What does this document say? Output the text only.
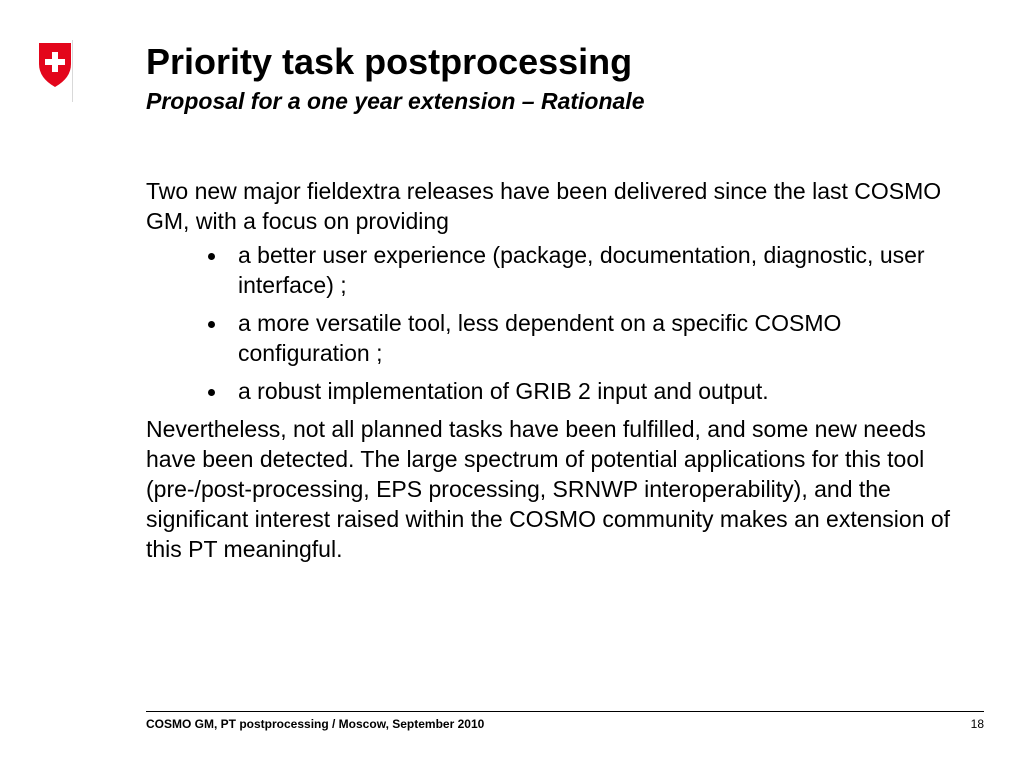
Priority task postprocessing
Proposal for a one year extension – Rationale

Two new major fieldextra releases have been delivered since the last COSMO GM, with a focus on providing

a better user experience (package, documentation, diagnostic, user interface) ;
a more versatile tool, less dependent on a specific COSMO configuration ;
a robust implementation of GRIB 2 input and output.

Nevertheless, not all planned tasks have been fulfilled, and some new needs have been detected. The large spectrum of potential applications for this tool (pre-/post-processing, EPS processing, SRNWP interoperability), and the significant interest raised within the COSMO community makes an extension of this PT meaningful.

COSMO GM, PT postprocessing / Moscow, September 2010	18
